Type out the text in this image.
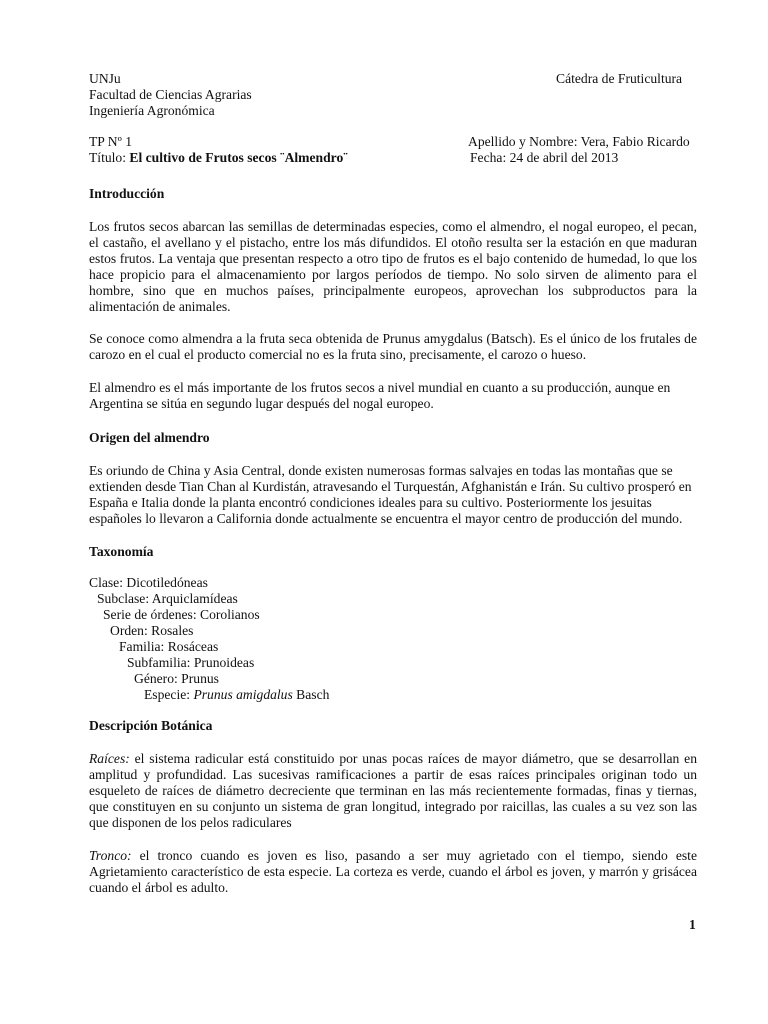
UNJu	Cátedra de Fruticultura
Facultad de Ciencias Agrarias
Ingeniería Agronómica
TP Nº 1	Apellido y Nombre: Vera, Fabio Ricardo
Título: El cultivo de Frutos secos ¨Almendro¨	Fecha: 24 de abril del 2013
Introducción
Los frutos secos abarcan las semillas de determinadas especies, como el almendro, el nogal europeo, el pecan, el castaño, el avellano y el pistacho, entre los más difundidos. El otoño resulta ser la estación en que maduran estos frutos. La ventaja que presentan respecto a otro tipo de frutos es el bajo contenido de humedad, lo que los hace propicio para el almacenamiento por largos períodos de tiempo. No solo sirven de alimento para el hombre, sino que en muchos países, principalmente europeos, aprovechan los subproductos para la alimentación de animales.
Se conoce como almendra a la fruta seca obtenida de Prunus amygdalus (Batsch). Es el único de los frutales de carozo en el cual el producto comercial no es la fruta sino, precisamente, el carozo o hueso.
El almendro es el más importante de los frutos secos a nivel mundial en cuanto a su producción, aunque en Argentina se sitúa en segundo lugar después del nogal europeo.
Origen del almendro
Es oriundo de China y Asia Central, donde existen numerosas formas salvajes en todas las montañas que se extienden desde Tian Chan al Kurdistán, atravesando el Turquestán, Afghanistán e Irán. Su cultivo prosperó en España e Italia donde la planta encontró condiciones ideales para su cultivo. Posteriormente los jesuitas españoles lo llevaron a California donde actualmente se encuentra el mayor centro de producción del mundo.
Taxonomía
Clase: Dicotiledóneas
Subclase: Arquiclamídeas
Serie de órdenes: Corolianos
Orden: Rosales
Familia: Rosáceas
Subfamilia: Prunoideas
Género: Prunus
Especie: Prunus amigdalus Basch
Descripción Botánica
Raíces: el sistema radicular está constituido por unas pocas raíces de mayor diámetro, que se desarrollan en amplitud y profundidad. Las sucesivas ramificaciones a partir de esas raíces principales originan todo un esqueleto de raíces de diámetro decreciente que terminan en las más recientemente formadas, finas y tiernas, que constituyen en su conjunto un sistema de gran longitud, integrado por raicillas, las cuales a su vez son las que disponen de los pelos radiculares
Tronco: el tronco cuando es joven es liso, pasando a ser muy agrietado con el tiempo, siendo este Agrietamiento característico de esta especie. La corteza es verde, cuando el árbol es joven, y marrón y grisácea cuando el árbol es adulto.
1
